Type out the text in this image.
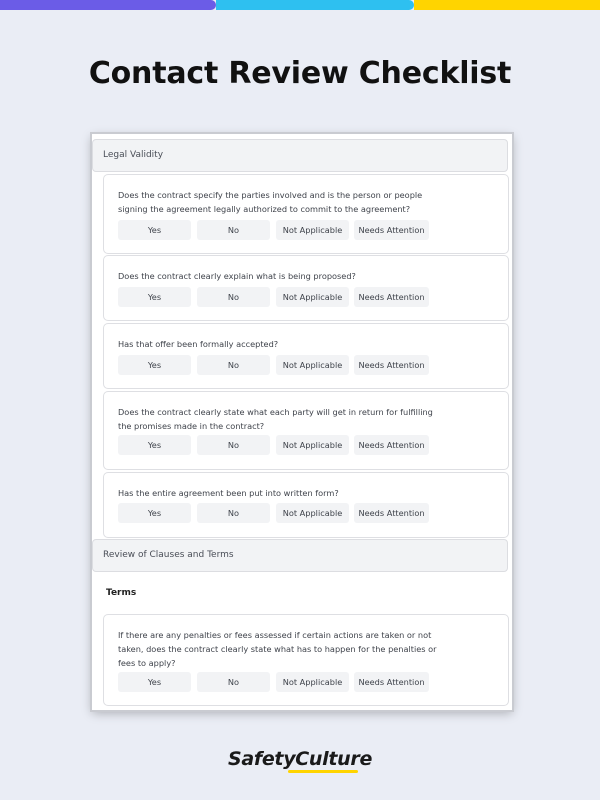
Contact Review Checklist
Legal Validity
Does the contract specify the parties involved and is the person or people signing the agreement legally authorized to commit to the agreement?
Yes	No	Not Applicable	Needs Attention
Does the contract clearly explain what is being proposed?
Yes	No	Not Applicable	Needs Attention
Has that offer been formally accepted?
Yes	No	Not Applicable	Needs Attention
Does the contract clearly state what each party will get in return for fulfilling the promises made in the contract?
Yes	No	Not Applicable	Needs Attention
Has the entire agreement been put into written form?
Yes	No	Not Applicable	Needs Attention
Review of Clauses and Terms
Terms
If there are any penalties or fees assessed if certain actions are taken or not taken, does the contract clearly state what has to happen for the penalties or fees to apply?
Yes	No	Not Applicable	Needs Attention
SafetyCulture
